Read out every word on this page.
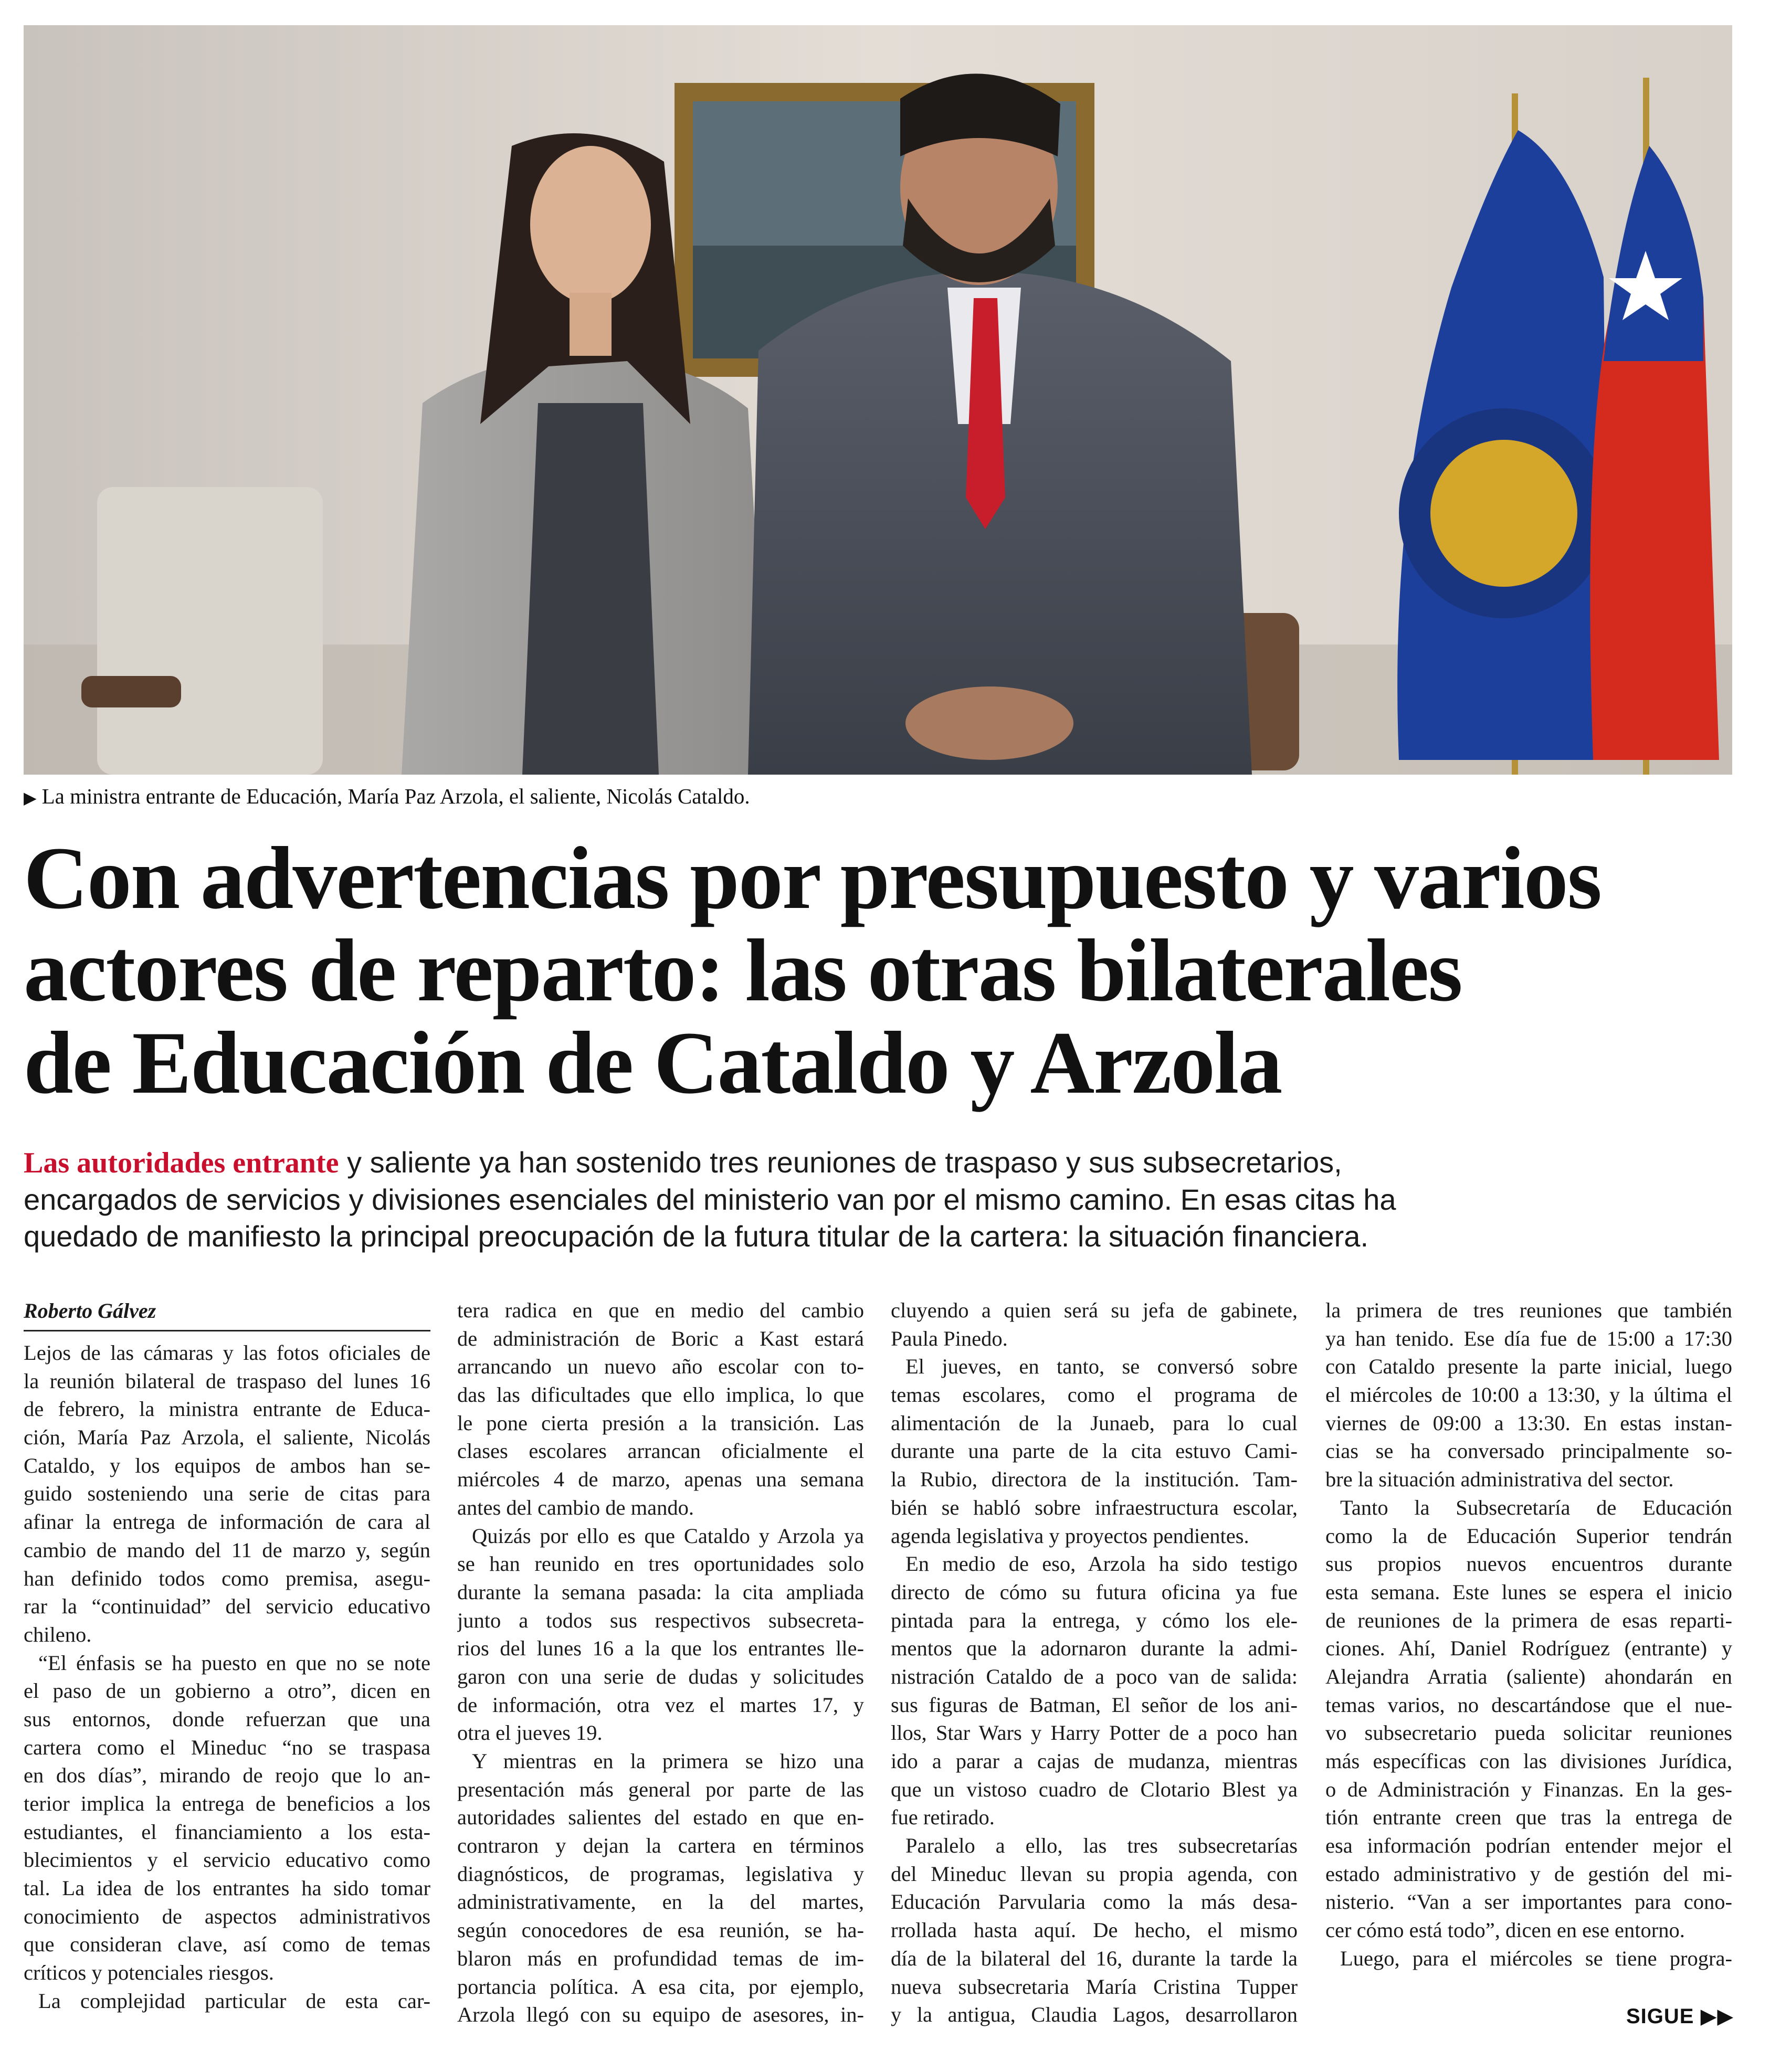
▶ La ministra entrante de Educación, María Paz Arzola, el saliente, Nicolás Cataldo.
Con advertencias por presupuesto y varios
actores de reparto: las otras bilaterales
de Educación de Cataldo y Arzola
Las autoridades entrante y saliente ya han sostenido tres reuniones de traspaso y sus subsecretarios,
encargados de servicios y divisiones esenciales del ministerio van por el mismo camino. En esas citas ha
quedado de manifiesto la principal preocupación de la futura titular de la cartera: la situación financiera.
Roberto Gálvez
Lejos de las cámaras y las fotos oficiales de
la reunión bilateral de traspaso del lunes 16
de febrero, la ministra entrante de Educa-
ción, María Paz Arzola, el saliente, Nicolás
Cataldo, y los equipos de ambos han se-
guido sosteniendo una serie de citas para
afinar la entrega de información de cara al
cambio de mando del 11 de marzo y, según
han definido todos como premisa, asegu-
rar la “continuidad” del servicio educativo
chileno.
“El énfasis se ha puesto en que no se note
el paso de un gobierno a otro”, dicen en
sus entornos, donde refuerzan que una
cartera como el Mineduc “no se traspasa
en dos días”, mirando de reojo que lo an-
terior implica la entrega de beneficios a los
estudiantes, el financiamiento a los esta-
blecimientos y el servicio educativo como
tal. La idea de los entrantes ha sido tomar
conocimiento de aspectos administrativos
que consideran clave, así como de temas
críticos y potenciales riesgos.
La complejidad particular de esta car-
tera radica en que en medio del cambio
de administración de Boric a Kast estará
arrancando un nuevo año escolar con to-
das las dificultades que ello implica, lo que
le pone cierta presión a la transición. Las
clases escolares arrancan oficialmente el
miércoles 4 de marzo, apenas una semana
antes del cambio de mando.
Quizás por ello es que Cataldo y Arzola ya
se han reunido en tres oportunidades solo
durante la semana pasada: la cita ampliada
junto a todos sus respectivos subsecreta-
rios del lunes 16 a la que los entrantes lle-
garon con una serie de dudas y solicitudes
de información, otra vez el martes 17, y
otra el jueves 19.
Y mientras en la primera se hizo una
presentación más general por parte de las
autoridades salientes del estado en que en-
contraron y dejan la cartera en términos
diagnósticos, de programas, legislativa y
administrativamente, en la del martes,
según conocedores de esa reunión, se ha-
blaron más en profundidad temas de im-
portancia política. A esa cita, por ejemplo,
Arzola llegó con su equipo de asesores, in-
cluyendo a quien será su jefa de gabinete,
Paula Pinedo.
El jueves, en tanto, se conversó sobre
temas escolares, como el programa de
alimentación de la Junaeb, para lo cual
durante una parte de la cita estuvo Cami-
la Rubio, directora de la institución. Tam-
bién se habló sobre infraestructura escolar,
agenda legislativa y proyectos pendientes.
En medio de eso, Arzola ha sido testigo
directo de cómo su futura oficina ya fue
pintada para la entrega, y cómo los ele-
mentos que la adornaron durante la admi-
nistración Cataldo de a poco van de salida:
sus figuras de Batman, El señor de los ani-
llos, Star Wars y Harry Potter de a poco han
ido a parar a cajas de mudanza, mientras
que un vistoso cuadro de Clotario Blest ya
fue retirado.
Paralelo a ello, las tres subsecretarías
del Mineduc llevan su propia agenda, con
Educación Parvularia como la más desa-
rrollada hasta aquí. De hecho, el mismo
día de la bilateral del 16, durante la tarde la
nueva subsecretaria María Cristina Tupper
y la antigua, Claudia Lagos, desarrollaron
la primera de tres reuniones que también
ya han tenido. Ese día fue de 15:00 a 17:30
con Cataldo presente la parte inicial, luego
el miércoles de 10:00 a 13:30, y la última el
viernes de 09:00 a 13:30. En estas instan-
cias se ha conversado principalmente so-
bre la situación administrativa del sector.
Tanto la Subsecretaría de Educación
como la de Educación Superior tendrán
sus propios nuevos encuentros durante
esta semana. Este lunes se espera el inicio
de reuniones de la primera de esas reparti-
ciones. Ahí, Daniel Rodríguez (entrante) y
Alejandra Arratia (saliente) ahondarán en
temas varios, no descartándose que el nue-
vo subsecretario pueda solicitar reuniones
más específicas con las divisiones Jurídica,
o de Administración y Finanzas. En la ges-
tión entrante creen que tras la entrega de
esa información podrían entender mejor el
estado administrativo y de gestión del mi-
nisterio. “Van a ser importantes para cono-
cer cómo está todo”, dicen en ese entorno.
Luego, para el miércoles se tiene progra-
SIGUE ▶▶
